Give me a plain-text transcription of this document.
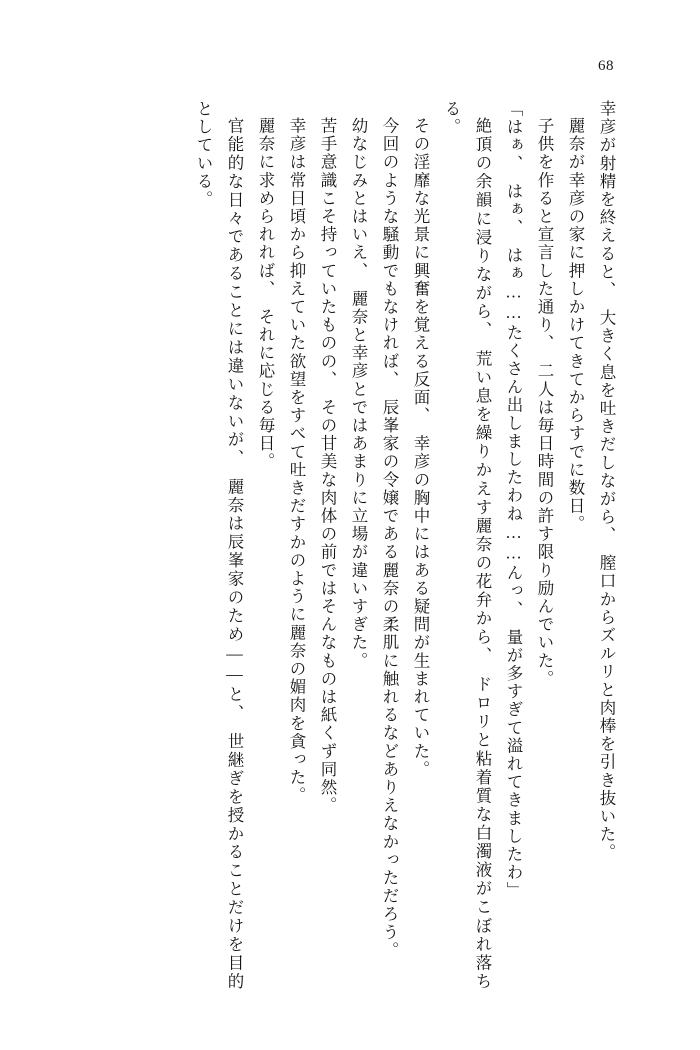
68

幸彦が射精を終えると、　大きく息を吐きだしながら、　膣口からズルリと肉棒を引き抜いた。

麗奈が幸彦の家に押しかけてきてからすでに数日。

子供を作ると宣言した通り、　二人は毎日時間の許す限り励んでいた。

「はぁ、　はぁ、　はぁ……たくさん出しましたわね……んっ、　量が多すぎて溢れてきましたわ」

絶頂の余韻に浸りながら、　荒い息を繰りかえす麗奈の花弁から、　ドロリと粘着質な白濁液がこぼれ落ちる。

その淫靡な光景に興奮を覚える反面、　幸彦の胸中にはある疑問が生まれていた。

今回のような騒動でもなければ、　辰峯家の令嬢である麗奈の柔肌に触れるなどありえなかっただろう。

幼なじみとはいえ、　麗奈と幸彦とではあまりに立場が違いすぎた。

苦手意識こそ持っていたものの、　その甘美な肉体の前ではそんなものは紙くず同然。

幸彦は常日頃から抑えていた欲望をすべて吐きだすかのように麗奈の媚肉を貪った。

麗奈に求められれば、　それに応じる毎日。

官能的な日々であることには違いないが、　麗奈は辰峯家のため——と、　世継ぎを授かることだけを目的としている。
